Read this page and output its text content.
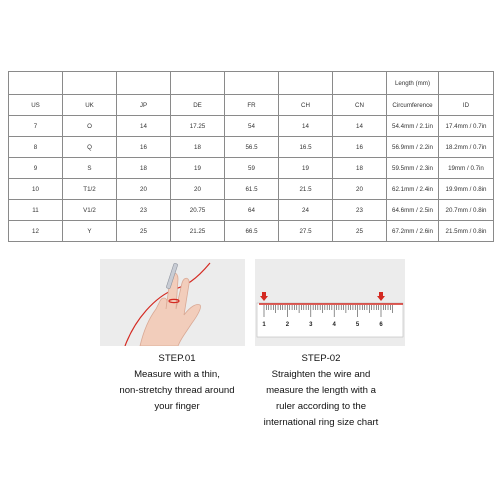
							Length (mm)	
US	UK	JP	DE	FR	CH	CN	Circumference	ID
7	O	14	17.25	54	14	14	54.4mm / 2.1in	17.4mm / 0.7in
8	Q	16	18	56.5	16.5	16	56.9mm / 2.2in	18.2mm / 0.7in
9	S	18	19	59	19	18	59.5mm / 2.3in	19mm / 0.7in
10	T1/2	20	20	61.5	21.5	20	62.1mm / 2.4in	19.9mm / 0.8in
11	V1/2	23	20.75	64	24	23	64.6mm / 2.5in	20.7mm / 0.8in
12	Y	25	21.25	66.5	27.5	25	67.2mm / 2.6in	21.5mm / 0.8in
1	2	3	4	5	6
STEP.01
Measure with a thin,
non-stretchy thread around
your finger
STEP-02
Straighten the wire and
measure the length with a
ruler according to the
international ring size chart
